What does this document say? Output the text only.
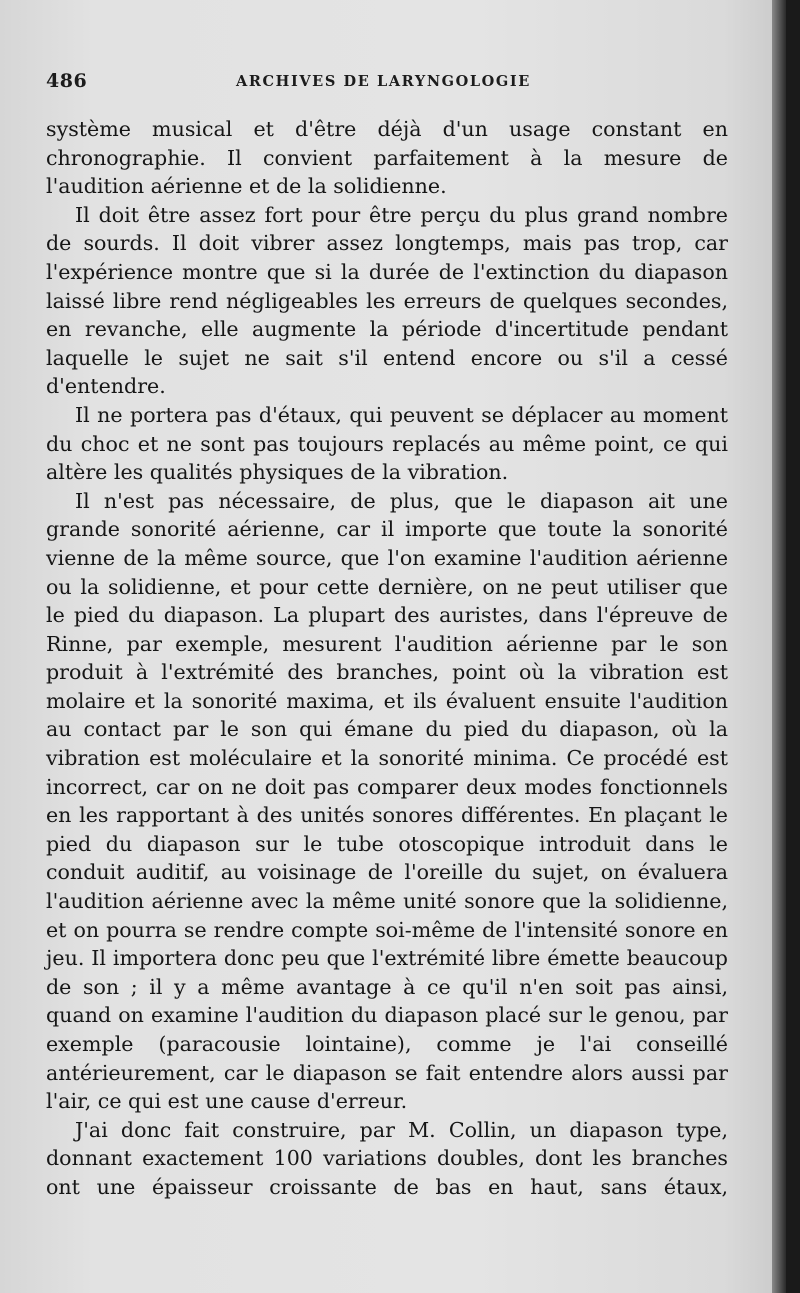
486	ARCHIVES DE LARYNGOLOGIE

système musical et d'être déjà d'un usage constant en chronographie. Il convient parfaitement à la mesure de l'audition aérienne et de la solidienne.

Il doit être assez fort pour être perçu du plus grand nombre de sourds. Il doit vibrer assez longtemps, mais pas trop, car l'expérience montre que si la durée de l'extinction du diapason laissé libre rend négligeables les erreurs de quelques secondes, en revanche, elle augmente la période d'incertitude pendant laquelle le sujet ne sait s'il entend encore ou s'il a cessé d'entendre.

Il ne portera pas d'étaux, qui peuvent se déplacer au moment du choc et ne sont pas toujours replacés au même point, ce qui altère les qualités physiques de la vibration.

Il n'est pas nécessaire, de plus, que le diapason ait une grande sonorité aérienne, car il importe que toute la sonorité vienne de la même source, que l'on examine l'audition aérienne ou la solidienne, et pour cette dernière, on ne peut utiliser que le pied du diapason. La plupart des auristes, dans l'épreuve de Rinne, par exemple, mesurent l'audition aérienne par le son produit à l'extrémité des branches, point où la vibration est molaire et la sonorité maxima, et ils évaluent ensuite l'audition au contact par le son qui émane du pied du diapason, où la vibration est moléculaire et la sonorité minima. Ce procédé est incorrect, car on ne doit pas comparer deux modes fonctionnels en les rapportant à des unités sonores différentes. En plaçant le pied du diapason sur le tube otoscopique introduit dans le conduit auditif, au voisinage de l'oreille du sujet, on évaluera l'audition aérienne avec la même unité sonore que la solidienne, et on pourra se rendre compte soi-même de l'intensité sonore en jeu. Il importera donc peu que l'extrémité libre émette beaucoup de son ; il y a même avantage à ce qu'il n'en soit pas ainsi, quand on examine l'audition du diapason placé sur le genou, par exemple (paracousie lointaine), comme je l'ai conseillé antérieurement, car le diapason se fait entendre alors aussi par l'air, ce qui est une cause d'erreur.

J'ai donc fait construire, par M. Collin, un diapason type, donnant exactement 100 variations doubles, dont les branches ont une épaisseur croissante de bas en haut, sans étaux,
